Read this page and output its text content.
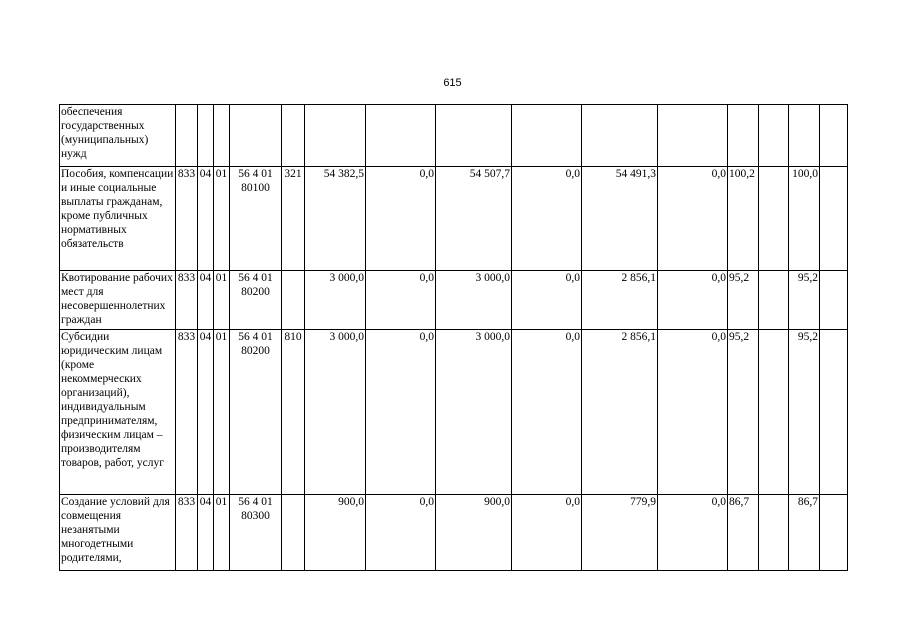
615
обеспечения государственных (муниципальных) нужд															
Пособия, компенсации и иные социальные выплаты гражданам, кроме публичных нормативных обязательств	833	04	01	56 4 01 80100	321	54 382,5	0,0	54 507,7	0,0	54 491,3	0,0	100,2		100,0	
Квотирование рабочих мест для несовершеннолетних граждан	833	04	01	56 4 01 80200		3 000,0	0,0	3 000,0	0,0	2 856,1	0,0	95,2		95,2	
Субсидии юридическим лицам (кроме некоммерческих организаций), индивидуальным предпринимателям, физическим лицам – производителям товаров, работ, услуг	833	04	01	56 4 01 80200	810	3 000,0	0,0	3 000,0	0,0	2 856,1	0,0	95,2		95,2	
Создание условий для совмещения незанятыми многодетными родителями,	833	04	01	56 4 01 80300		900,0	0,0	900,0	0,0	779,9	0,0	86,7		86,7	
